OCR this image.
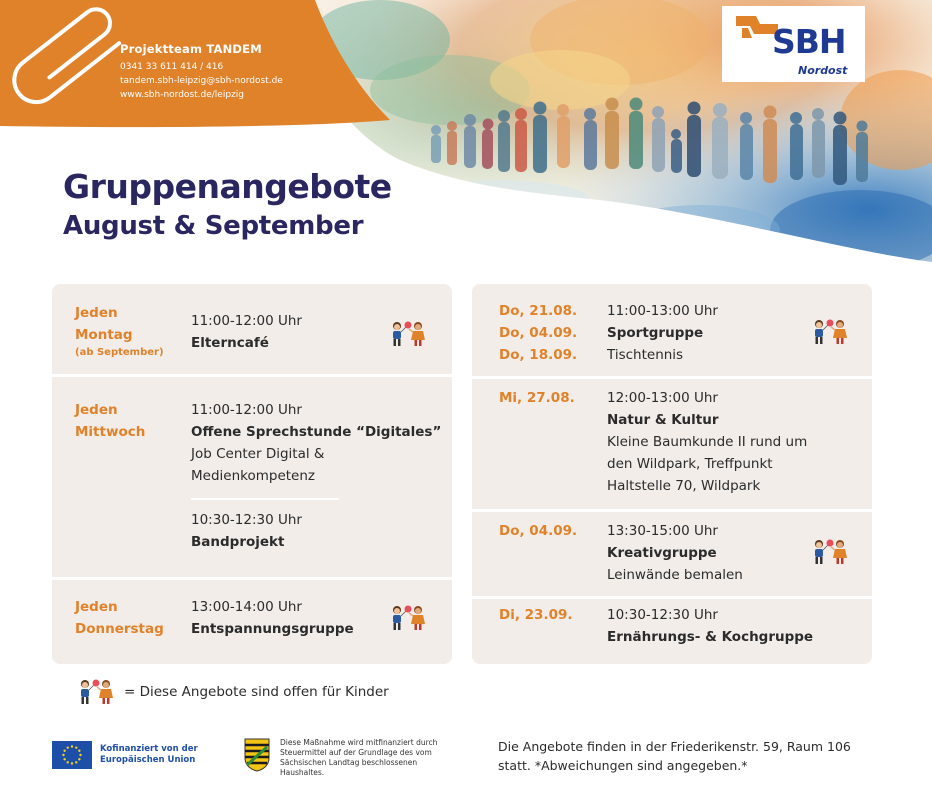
Projektteam TANDEM
0341 33 611 414 / 416
tandem.sbh-leipzig@sbh-nordost.de
www.sbh-nordost.de/leipzig
SBH
Nordost
Gruppenangebote
August & September
Jeden
Montag
(ab September)
11:00-12:00 Uhr
Elterncafé
Jeden
Mittwoch
11:00-12:00 Uhr
Offene Sprechstunde “Digitales”
Job Center Digital &
Medienkompetenz
10:30-12:30 Uhr
Bandprojekt
Jeden
Donnerstag
13:00-14:00 Uhr
Entspannungsgruppe
Do, 21.08.
Do, 04.09.
Do, 18.09.
11:00-13:00 Uhr
Sportgruppe
Tischtennis
Mi, 27.08. 12:00-13:00 Uhr
Natur & Kultur
Kleine Baumkunde II rund um
den Wildpark, Treffpunkt
Haltstelle 70, Wildpark
Do, 04.09. 13:30-15:00 Uhr
Kreativgruppe
Leinwände bemalen
Di, 23.09.	10:30-12:30 Uhr
Ernährungs- & Kochgruppe
= Diese Angebote sind offen für Kinder
Kofinanziert von der
Europäischen Union
Diese Maßnahme wird mitfinanziert durch
Steuermittel auf der Grundlage des vom
Sächsischen Landtag beschlossenen Haushaltes.
Die Angebote finden in der Friederikenstr. 59, Raum 106
statt. *Abweichungen sind angegeben.*
